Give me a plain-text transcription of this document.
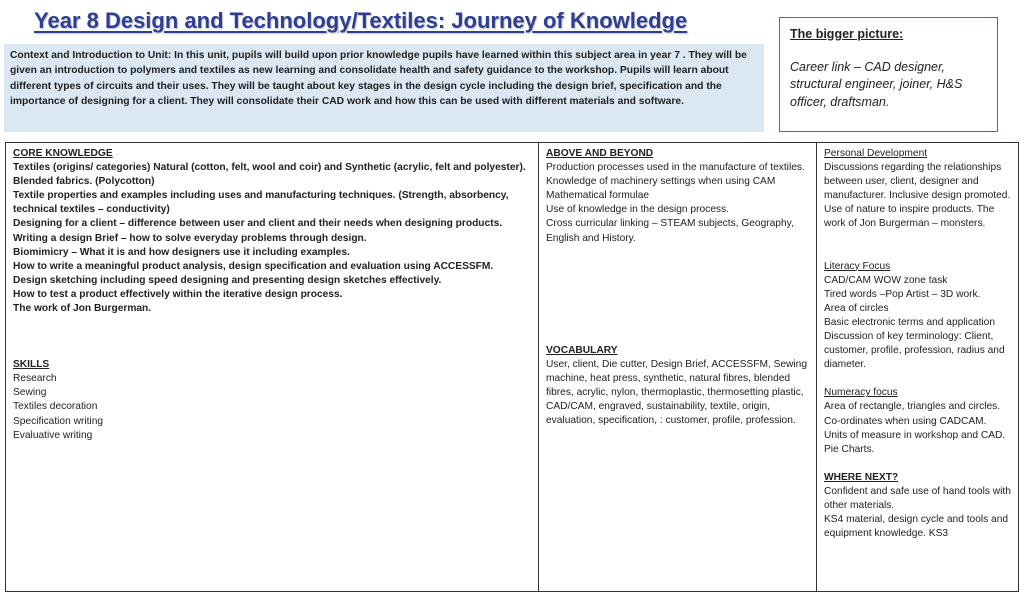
Year 8 Design and Technology/Textiles: Journey of Knowledge
Context and Introduction to Unit: In this unit, pupils will build upon prior knowledge pupils have learned within this subject area in year 7 . They will be given an introduction to polymers and textiles as new learning and consolidate health and safety guidance to the workshop. Pupils will learn about different types of circuits and their uses. They will be taught about key stages in the design cycle including the design brief, specification and the importance of designing for a client. They will consolidate their CAD work and how this can be used with different materials and software.
The bigger picture:
Career link – CAD designer, structural engineer, joiner, H&S officer, draftsman.
CORE KNOWLEDGE
Textiles (origins/ categories) Natural (cotton, felt, wool and coir) and Synthetic (acrylic, felt and polyester). Blended fabrics. (Polycotton)
Textile properties and examples including uses and manufacturing techniques. (Strength, absorbency, technical textiles – conductivity)
Designing for a client – difference between user and client and their needs when designing products.
Writing a design Brief – how to solve everyday problems through design.
Biomimicry – What it is and how designers use it including examples.
How to write a meaningful product analysis, design specification and evaluation using ACCESSFM.
Design sketching including speed designing and presenting design sketches effectively.
How to test a product effectively within the iterative design process.
The work of Jon Burgerman.
SKILLS
Research
Sewing
Textiles decoration
Specification writing
Evaluative writing
ABOVE AND BEYOND
Production processes used in the manufacture of textiles.
Knowledge of machinery settings when using CAM
Mathematical formulae
Use of knowledge in the design process.
Cross curricular linking – STEAM subjects, Geography, English and History.
VOCABULARY
User, client, Die cutter, Design Brief, ACCESSFM, Sewing machine, heat press, synthetic, natural fibres, blended fibres, acrylic, nylon, thermoplastic, thermosetting plastic, CAD/CAM, engraved, sustainability, textile, origin, evaluation, specification, : customer, profile, profession.
Personal Development
Discussions regarding the relationships between user, client, designer and manufacturer. Inclusive design promoted. Use of nature to inspire products. The work of Jon Burgerman – monsters.
Literacy Focus
CAD/CAM WOW zone task
Tired words –Pop Artist – 3D work.
Area of circles
Basic electronic terms and application
Discussion of key terminology: Client, customer, profile, profession, radius and diameter.
Numeracy focus
Area of rectangle, triangles and circles.
Co-ordinates when using CADCAM.
Units of measure in workshop and CAD. Pie Charts.
WHERE NEXT?
Confident and safe use of hand tools with other materials.
KS4 material, design cycle and tools and equipment knowledge. KS3
